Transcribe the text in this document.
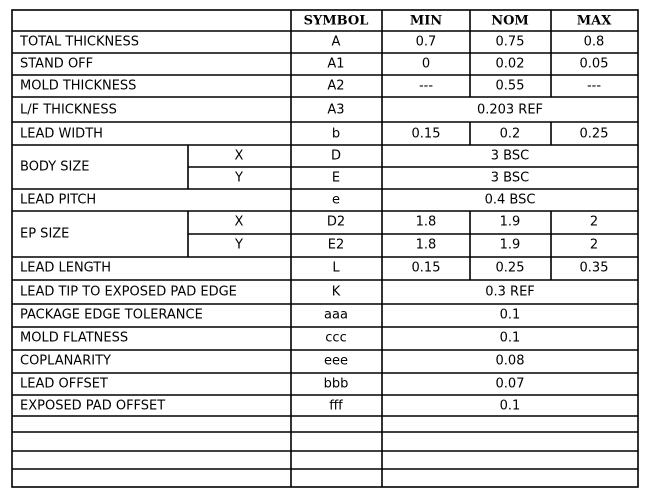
SYMBOL	MIN	NOM	MAX
TOTAL THICKNESS	A	0.7	0.75	0.8
STAND OFF	A1	0	0.02	0.05
MOLD THICKNESS	A2	---	0.55	---
L/F THICKNESS	A3	0.203 REF
LEAD WIDTH	b	0.15	0.2	0.25
BODY SIZE
X	D	3 BSC
Y	E	3 BSC
LEAD PITCH	e	0.4 BSC
EP SIZE
X	D2	1.8	1.9	2
Y	E2	1.8	1.9	2
LEAD LENGTH	L	0.15	0.25	0.35
LEAD TIP TO EXPOSED PAD EDGE	K	0.3 REF
PACKAGE EDGE TOLERANCE	aaa	0.1
MOLD FLATNESS	ccc	0.1
COPLANARITY	eee	0.08
LEAD OFFSET	bbb	0.07
EXPOSED PAD OFFSET	fff	0.1
